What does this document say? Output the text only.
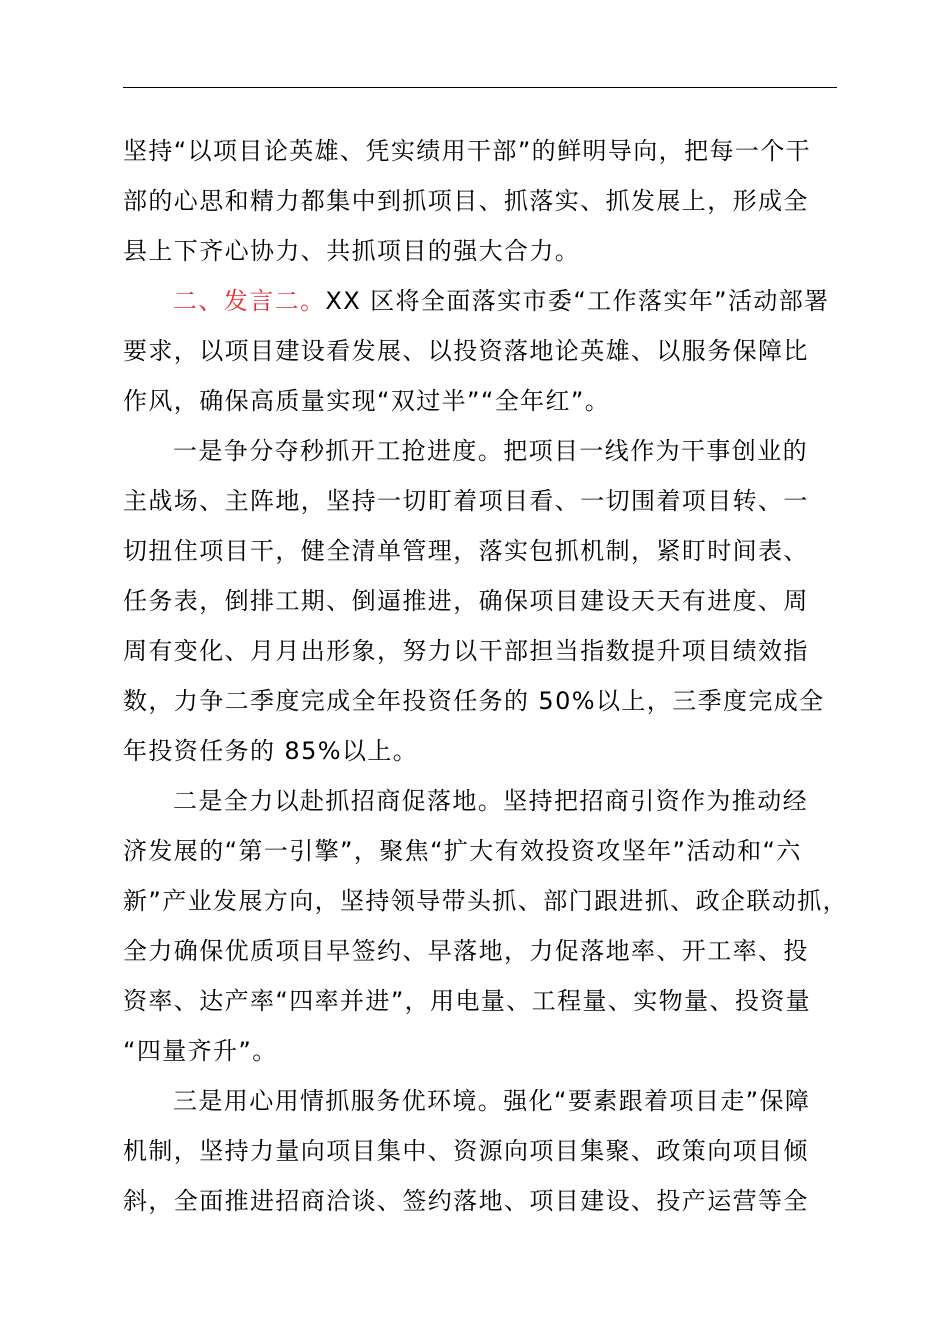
坚持“以项目论英雄、凭实绩用干部”的鲜明导向，把每一个干
部的心思和精力都集中到抓项目、抓落实、抓发展上，形成全
县上下齐心协力、共抓项目的强大合力。
二、发言二。XX 区将全面落实市委“工作落实年”活动部署
要求，以项目建设看发展、以投资落地论英雄、以服务保障比
作风，确保高质量实现“双过半”“全年红”。
一是争分夺秒抓开工抢进度。把项目一线作为干事创业的
主战场、主阵地，坚持一切盯着项目看、一切围着项目转、一
切扭住项目干，健全清单管理，落实包抓机制，紧盯时间表、
任务表，倒排工期、倒逼推进，确保项目建设天天有进度、周
周有变化、月月出形象，努力以干部担当指数提升项目绩效指
数，力争二季度完成全年投资任务的 50%以上，三季度完成全
年投资任务的 85%以上。
二是全力以赴抓招商促落地。坚持把招商引资作为推动经
济发展的“第一引擎”，聚焦“扩大有效投资攻坚年”活动和“六
新”产业发展方向，坚持领导带头抓、部门跟进抓、政企联动抓，
全力确保优质项目早签约、早落地，力促落地率、开工率、投
资率、达产率“四率并进”，用电量、工程量、实物量、投资量
“四量齐升”。
三是用心用情抓服务优环境。强化“要素跟着项目走”保障
机制，坚持力量向项目集中、资源向项目集聚、政策向项目倾
斜，全面推进招商洽谈、签约落地、项目建设、投产运营等全
